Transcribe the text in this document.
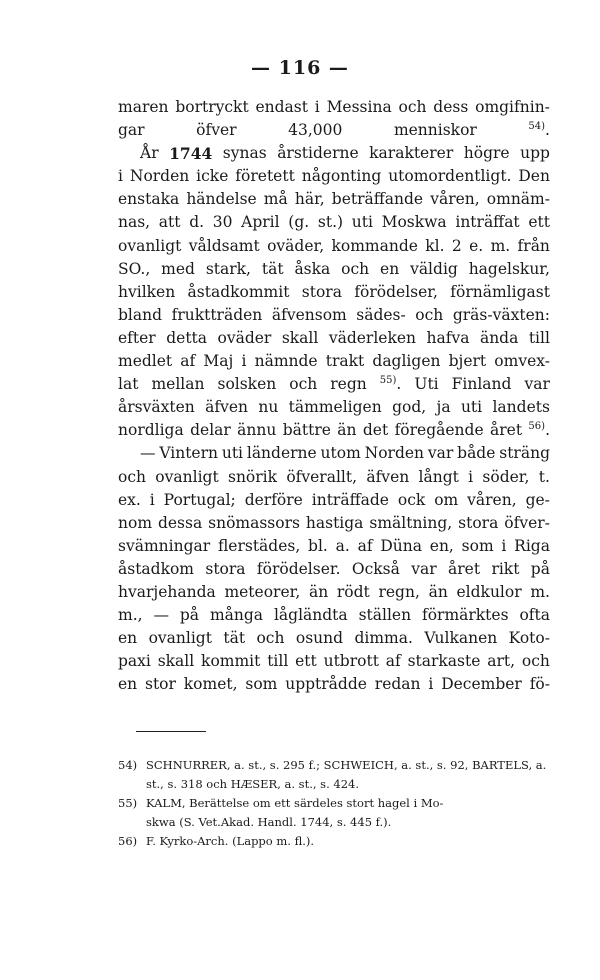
— 116 —
maren bortryckt endast i Messina och dess omgifnin-
gar	öfver	43,000	menniskor	$^{54)}$.
År 1744 synas årstiderne karakterer högre upp
i Norden icke företett någonting utomordentligt. Den
enstaka händelse må här, beträffande våren, omnäm-
nas, att d. 30 April (g. st.) uti Moskwa inträffat ett
ovanligt våldsamt oväder, kommande kl. 2 e. m. från
SO., med stark, tät åska och en väldig hagelskur,
hvilken åstadkommit stora förödelser, förnämligast
bland fruktträden äfvensom sädes- och gräs-växten:
efter detta oväder skall väderleken hafva ända till
medlet af Maj i nämnde trakt dagligen bjert omvex-
lat mellan solsken och regn $^{55)}$. Uti Finland var
årsväxten äfven nu tämmeligen god, ja uti landets
nordliga delar ännu bättre än det föregående året $^{56)}$.
— Vintern uti länderne utom Norden var både sträng
och ovanligt snörik öfverallt, äfven långt i söder, t.
ex. i Portugal; derföre inträffade ock om våren, ge-
nom dessa snömassors hastiga smältning, stora öfver-
svämningar flerstädes, bl. a. af Düna en, som i Riga
åstadkom stora förödelser. Också var året rikt på
hvarjehanda meteorer, än rödt regn, än eldkulor m.
m., — på många lågländta ställen förmärktes ofta
en ovanligt tät och osund dimma. Vulkanen Koto-
paxi skall kommit till ett utbrott af starkaste art, och
en stor komet, som upptrådde redan i December fö-
54) SCHNURRER, a. st., s. 295 f.; SCHWEICH, a. st., s. 92, BARTELS, a.
st., s. 318 och HÆSER, a. st., s. 424.
55) KALM, Berättelse om ett särdeles stort hagel i Mo-
skwa (S. Vet.Akad. Handl. 1744, s. 445 f.).
56) F. Kyrko-Arch. (Lappo m. fl.).
